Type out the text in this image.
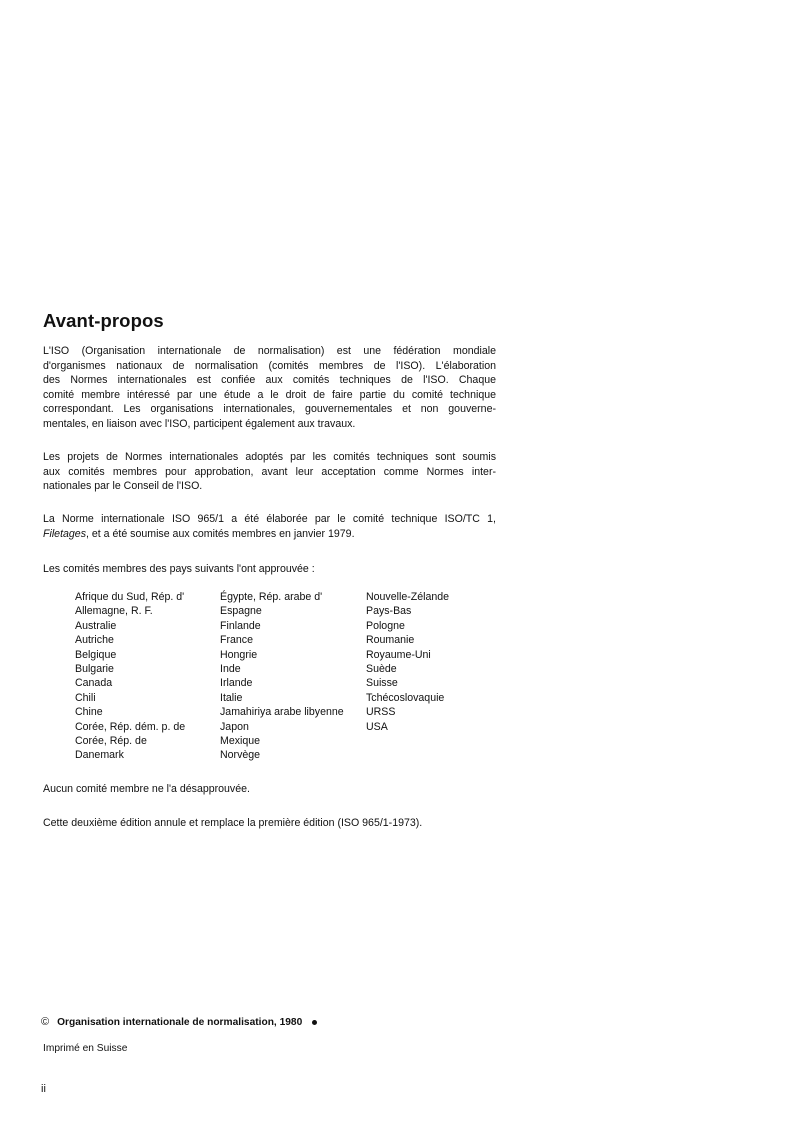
Avant-propos
L'ISO (Organisation internationale de normalisation) est une fédération mondiale
d'organismes nationaux de normalisation (comités membres de l'ISO). L'élaboration
des Normes internationales est confiée aux comités techniques de l'ISO. Chaque
comité membre intéressé par une étude a le droit de faire partie du comité technique
correspondant. Les organisations internationales, gouvernementales et non gouverne-
mentales, en liaison avec l'ISO, participent également aux travaux.
Les projets de Normes internationales adoptés par les comités techniques sont soumis
aux comités membres pour approbation, avant leur acceptation comme Normes inter-
nationales par le Conseil de l'ISO.
La Norme internationale ISO 965/1 a été élaborée par le comité technique ISO/TC 1,
Filetages, et a été soumise aux comités membres en janvier 1979.

Les comités membres des pays suivants l'ont approuvée :

Afrique du Sud, Rép. d'
Allemagne, R. F.
Australie
Autriche
Belgique
Bulgarie
Canada
Chili
Chine
Corée, Rép. dém. p. de
Corée, Rép. de
Danemark
Égypte, Rép. arabe d'
Espagne
Finlande
France
Hongrie
Inde
Irlande
Italie
Jamahiriya arabe libyenne
Japon
Mexique
Norvège
Nouvelle-Zélande
Pays-Bas
Pologne
Roumanie
Royaume-Uni
Suède
Suisse
Tchécoslovaquie
URSS
USA

Aucun comité membre ne l'a désapprouvée.

Cette deuxième édition annule et remplace la première édition (ISO 965/1-1973).

© Organisation internationale de normalisation, 1980
Imprimé en Suisse
ii
